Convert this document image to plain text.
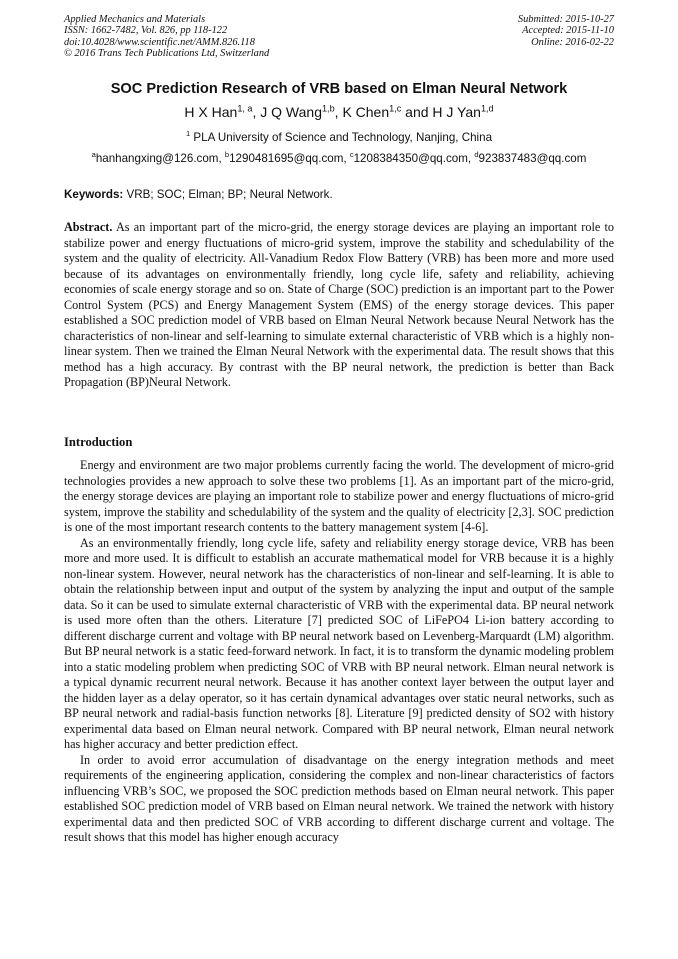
Applied Mechanics and Materials
ISSN: 1662-7482, Vol. 826, pp 118-122
doi:10.4028/www.scientific.net/AMM.826.118
© 2016 Trans Tech Publications Ltd, Switzerland
Submitted: 2015-10-27
Accepted: 2015-11-10
Online: 2016-02-22
SOC Prediction Research of VRB based on Elman Neural Network
H X Han$^{1, a}$, J Q Wang$^{1,b}$, K Chen$^{1,c}$ and H J Yan$^{1,d}$
$^1$ PLA University of Science and Technology, Nanjing, China
$^a$hanhangxing@126.com, $^b$1290481695@qq.com, $^c$1208384350@qq.com, $^d$923837483@qq.com
Keywords: VRB; SOC; Elman; BP; Neural Network.
Abstract. As an important part of the micro-grid, the energy storage devices are playing an important role to stabilize power and energy fluctuations of micro-grid system, improve the stability and schedulability of the system and the quality of electricity. All-Vanadium Redox Flow Battery (VRB) has been more and more used because of its advantages on environmentally friendly, long cycle life, safety and reliability, achieving economies of scale energy storage and so on. State of Charge (SOC) prediction is an important part to the Power Control System (PCS) and Energy Management System (EMS) of the energy storage devices. This paper established a SOC prediction model of VRB based on Elman Neural Network because Neural Network has the characteristics of non-linear and self-learning to simulate external characteristic of VRB which is a highly non-linear system. Then we trained the Elman Neural Network with the experimental data. The result shows that this method has a high accuracy. By contrast with the BP neural network, the prediction is better than Back Propagation (BP)Neural Network.
Introduction

Energy and environment are two major problems currently facing the world. The development of micro-grid technologies provides a new approach to solve these two problems [1]. As an important part of the micro-grid, the energy storage devices are playing an important role to stabilize power and energy fluctuations of micro-grid system, improve the stability and schedulability of the system and the quality of electricity [2,3]. SOC prediction is one of the most important research contents to the battery management system [4-6].

As an environmentally friendly, long cycle life, safety and reliability energy storage device, VRB has been more and more used. It is difficult to establish an accurate mathematical model for VRB because it is a highly non-linear system. However, neural network has the characteristics of non-linear and self-learning. It is able to obtain the relationship between input and output of the system by analyzing the input and output of the sample data. So it can be used to simulate external characteristic of VRB with the experimental data. BP neural network is used more often than the others. Literature [7] predicted SOC of LiFePO4 Li-ion battery according to different discharge current and voltage with BP neural network based on Levenberg-Marquardt (LM) algorithm. But BP neural network is a static feed-forward network. In fact, it is to transform the dynamic modeling problem into a static modeling problem when predicting SOC of VRB with BP neural network. Elman neural network is a typical dynamic recurrent neural network. Because it has another context layer between the output layer and the hidden layer as a delay operator, so it has certain dynamical advantages over static neural networks, such as BP neural network and radial-basis function networks [8]. Literature [9] predicted density of SO2 with history experimental data based on Elman neural network. Compared with BP neural network, Elman neural network has higher accuracy and better prediction effect.

In order to avoid error accumulation of disadvantage on the energy integration methods and meet requirements of the engineering application, considering the complex and non-linear characteristics of factors influencing VRB’s SOC, we proposed the SOC prediction methods based on Elman neural network. This paper established SOC prediction model of VRB based on Elman neural network. We trained the network with history experimental data and then predicted SOC of VRB according to different discharge current and voltage. The result shows that this model has higher enough accuracy
